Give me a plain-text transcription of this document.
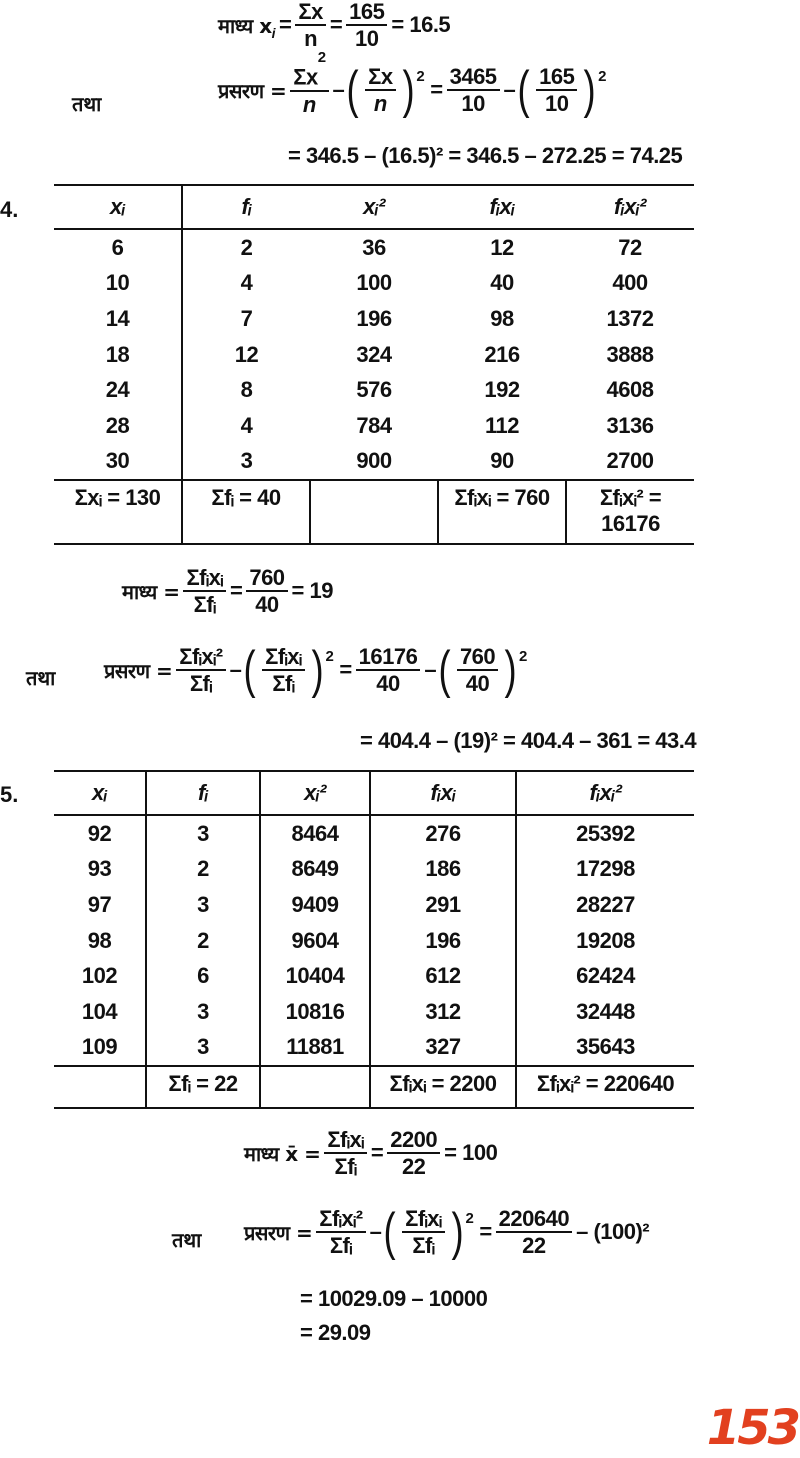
माध्य x $i = \frac{\Sigma x}{n} = \frac{165}{10} = 16.5$
तथा
प्रसरण = $\frac{\Sigma x^2}{n}$ – ( $\frac{\Sigma x}{n}$ ) 2
= $\frac{3465}{10}$ – ( $\frac{165}{10}$ ) 2
= 346.5 – (16.5)² = 346.5 – 272.25 = 74.25
4.	xᵢ	fᵢ	xᵢ²	fᵢxᵢ	fᵢxᵢ²
6	2	36	12	72
10	4	100	40	400
14	7	196	98	1372
18	12	324	216	3888
24	8	576	192	4608
28	4	784	112	3136
30	3	900	90	2700
Σxᵢ = 130	Σfᵢ = 40		Σfᵢxᵢ = 760	Σfᵢxᵢ² =
16176
माध्य = $\frac{\text{Σfᵢxᵢ}}{\text{Σfᵢ}} = \frac{760}{40} = 19$
तथा प्रसरण = $\frac{\text{Σfᵢxᵢ²}}{\text{Σfᵢ}}$ – ( $\frac{\text{Σfᵢxᵢ}}{\text{Σfᵢ}}$ ) 2
= $\frac{16176}{40}$ – ( $\frac{760}{40}$ ) 2
= 404.4 – (19)² = 404.4 – 361 = 43.4
5.	xᵢ	fᵢ	xᵢ²	fᵢxᵢ	fᵢxᵢ²
92	3	8464	276	25392
93	2	8649	186	17298
97	3	9409	291	28227
98	2	9604	196	19208
102	6	10404	612	62424
104	3	10816	312	32448
109	3	11881	327	35643
	Σfᵢ = 22		Σfᵢxᵢ = 2200	Σfᵢxᵢ² = 220640
माध्य x̄ = $\frac{\text{Σfᵢxᵢ}}{\text{Σfᵢ}} = \frac{2200}{22} = 100$
तथा प्रसरण = $\frac{\text{Σfᵢxᵢ²}}{\text{Σfᵢ}}$ – ( $\frac{\text{Σfᵢxᵢ}}{\text{Σfᵢ}}$ ) 2
= $\frac{220640}{22} - (100)^2$
= 10029.09 – 10000
= 29.09
153
